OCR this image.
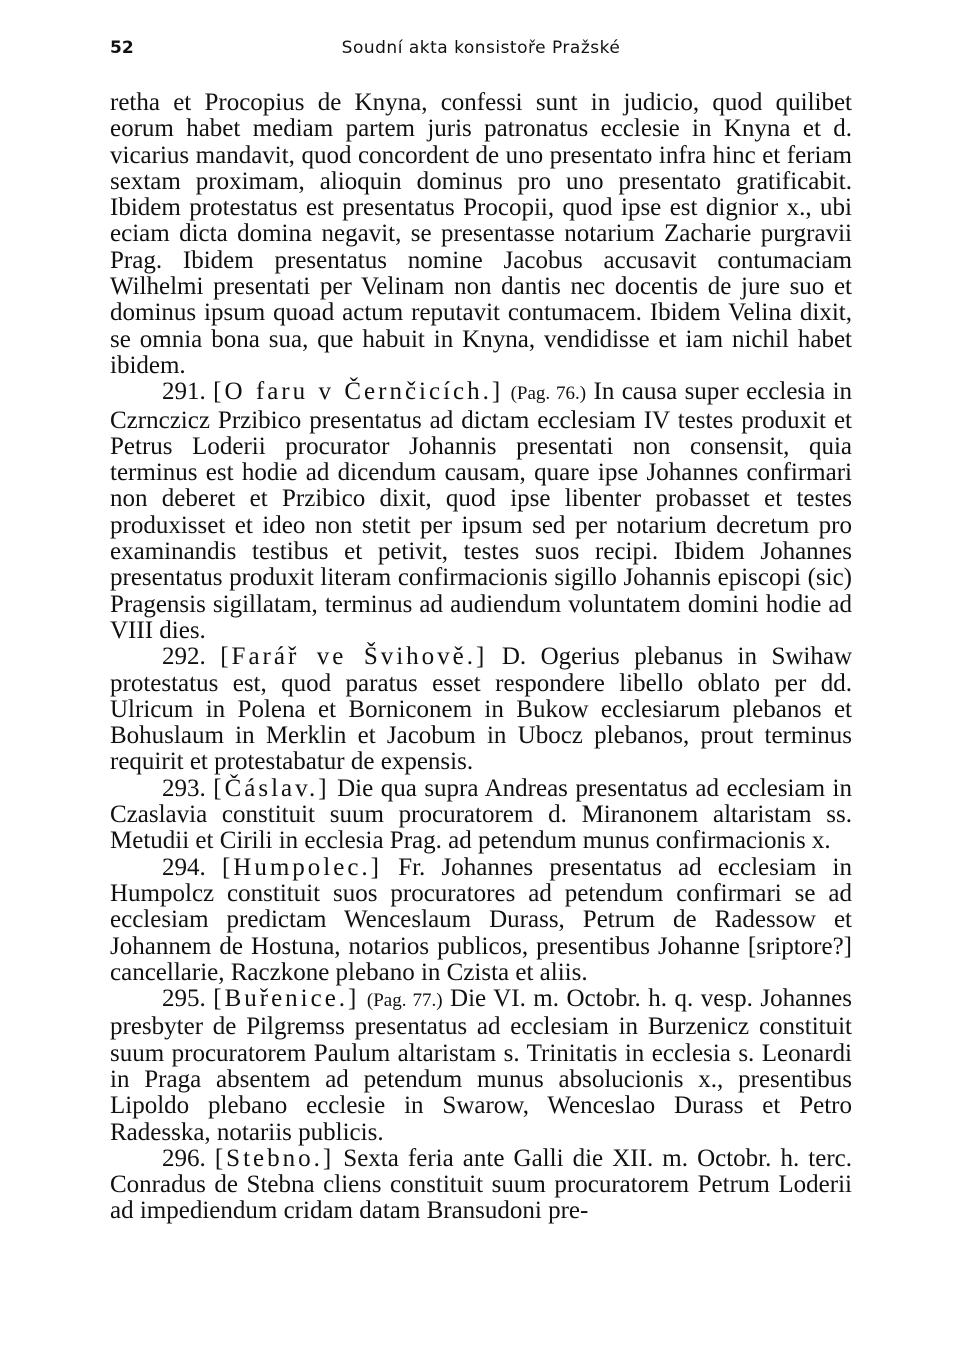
52	Soudní akta konsistoře Pražské

retha et Procopius de Knyna, confessi sunt in judicio, quod quilibet eorum habet mediam partem juris patronatus ecclesie in Knyna et d. vicarius mandavit, quod concordent de uno presentato infra hinc et feriam sextam proximam, alioquin dominus pro uno presentato gratificabit. Ibidem protestatus est presentatus Procopii, quod ipse est dignior x., ubi eciam dicta domina negavit, se presentasse notarium Zacharie purgravii Prag. Ibidem presentatus nomine Jacobus accusavit contumaciam Wilhelmi presentati per Velinam non dantis nec docentis de jure suo et dominus ipsum quoad actum reputavit contumacem. Ibidem Velina dixit, se omnia bona sua, que habuit in Knyna, vendidisse et iam nichil habet ibidem.

291. [O faru v Černčicích.] (Pag. 76.) In causa super ecclesia in Czrnczicz Przibico presentatus ad dictam ecclesiam IV testes produxit et Petrus Loderii procurator Johannis presentati non consensit, quia terminus est hodie ad dicendum causam, quare ipse Johannes confirmari non deberet et Przibico dixit, quod ipse libenter probasset et testes produxisset et ideo non stetit per ipsum sed per notarium decretum pro examinandis testibus et petivit, testes suos recipi. Ibidem Johannes presentatus produxit literam confirmacionis sigillo Johannis episcopi (sic) Pragensis sigillatam, terminus ad audiendum voluntatem domini hodie ad VIII dies.

292. [Farář ve Švihově.] D. Ogerius plebanus in Swihaw protestatus est, quod paratus esset respondere libello oblato per dd. Ulricum in Polena et Borniconem in Bukow ecclesiarum plebanos et Bohuslaum in Merklin et Jacobum in Ubocz plebanos, prout terminus requirit et protestabatur de expensis.

293. [Čáslav.] Die qua supra Andreas presentatus ad ecclesiam in Czaslavia constituit suum procuratorem d. Miranonem altaristam ss. Metudii et Cirili in ecclesia Prag. ad petendum munus confirmacionis x.

294. [Humpolec.] Fr. Johannes presentatus ad ecclesiam in Humpolcz constituit suos procuratores ad petendum confirmari se ad ecclesiam predictam Wenceslaum Durass, Petrum de Radessow et Johannem de Hostuna, notarios publicos, presentibus Johanne [sriptore?] cancellarie, Raczkone plebano in Czista et aliis.

295. [Buřenice.] (Pag. 77.) Die VI. m. Octobr. h. q. vesp. Johannes presbyter de Pilgremss presentatus ad ecclesiam in Burzenicz constituit suum procuratorem Paulum altaristam s. Trinitatis in ecclesia s. Leonardi in Praga absentem ad petendum munus absolucionis x., presentibus Lipoldo plebano ecclesie in Swarow, Wenceslao Durass et Petro Radesska, notariis publicis.

296. [Stebno.] Sexta feria ante Galli die XII. m. Octobr. h. terc. Conradus de Stebna cliens constituit suum procuratorem Petrum Loderii ad impediendum cridam datam Bransudoni pre-
